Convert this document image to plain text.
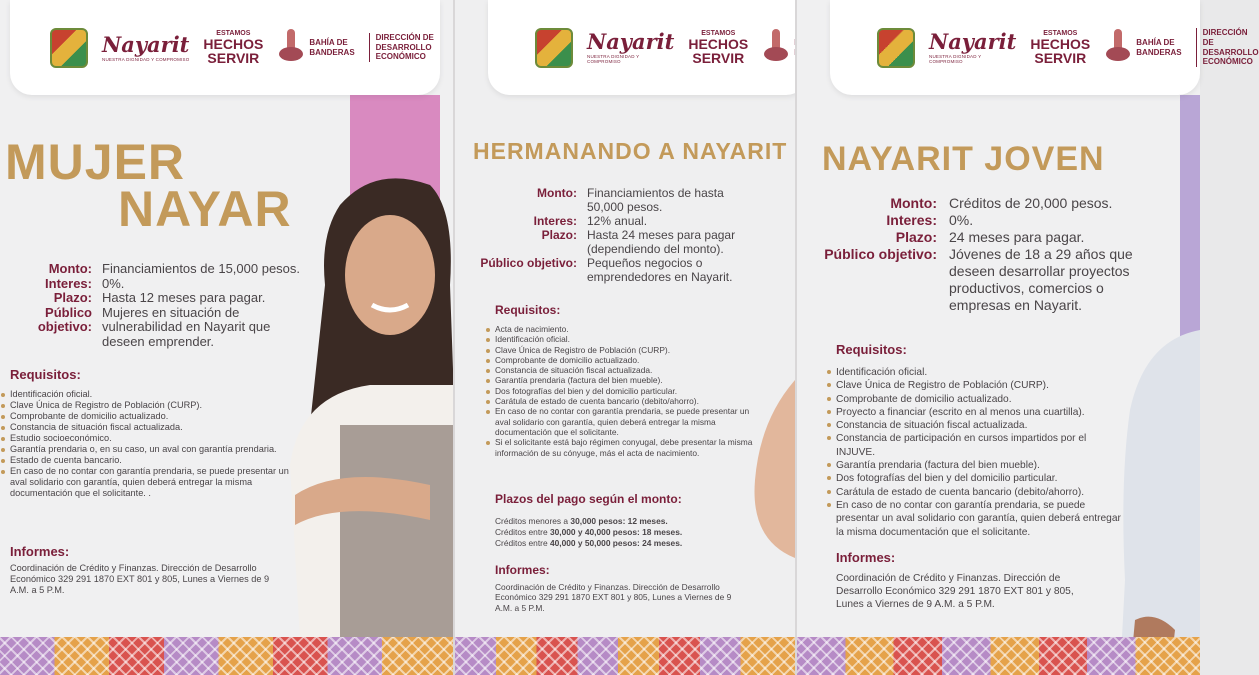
Nayarit
NUESTRA DIGNIDAD Y COMPROMISO
ESTAMOS
HECHOS
SERVIR
BAHÍA DE
BANDERAS
DIRECCIÓN DE
DESARROLLO
ECONÓMICO
MUJER
NAYAR
Monto: Financiamientos de 15,000 pesos.
Interes: 0%.
Plazo: Hasta 12 meses para pagar.
Público objetivo:
Mujeres en situación de vulnerabilidad en Nayarit que deseen emprender.
Requisitos:
Identificación oficial.
Clave Única de Registro de Población (CURP).
Comprobante de domicilio actualizado.
Constancia de situación fiscal actualizada.
Estudio socioeconómico.
Garantía prendaria o, en su caso, un aval con garantía prendaria.
Estado de cuenta bancario.
En caso de no contar con garantía prendaria, se puede presentar un aval solidario con garantía, quien deberá entregar la misma documentación que el solicitante. .
Informes:
Coordinación de Crédito y Finanzas. Dirección de Desarrollo Económico 329 291 1870 EXT 801 y 805, Lunes a Viernes de 9 A.M. a 5 P.M.
Nayarit
NUESTRA DIGNIDAD Y COMPROMISO
ESTAMOS
HECHOS
SERVIR
HERMANANDO A NAYARIT
Monto: Financiamientos de hasta 50,000 pesos.
Interes: 12% anual.
Plazo: Hasta 24 meses para pagar (dependiendo del monto).
Público objetivo: Pequeños negocios o emprendedores en Nayarit.
Requisitos:
Acta de nacimiento.
Identificación oficial.
Clave Única de Registro de Población (CURP).
Comprobante de domicilio actualizado.
Constancia de situación fiscal actualizada.
Garantía prendaria (factura del bien mueble).
Dos fotografías del bien y del domicilio particular.
Carátula de estado de cuenta bancario (debito/ahorro).
En caso de no contar con garantía prendaria, se puede presentar un aval solidario con garantía, quien deberá entregar la misma documentación que el solicitante.
Si el solicitante está bajo régimen conyugal, debe presentar la misma información de su cónyuge, más el acta de nacimiento.
Plazos del pago según el monto:
Créditos menores a 30,000 pesos: 12 meses.
Créditos entre 30,000 y 40,000 pesos: 18 meses.
Créditos entre 40,000 y 50,000 pesos: 24 meses.
Informes:
Coordinación de Crédito y Finanzas. Dirección de Desarrollo Económico 329 291 1870 EXT 801 y 805, Lunes a Viernes de 9 A.M. a 5 P.M.
Nayarit
NUESTRA DIGNIDAD Y COMPROMISO
ESTAMOS
HECHOS
SERVIR
BAHÍA DE
BANDERAS
DIRECCIÓN DE
DESARROLLO
ECONÓMICO
NAYARIT JOVEN
Monto: Créditos de 20,000 pesos.
Interes: 0%.
Plazo: 24 meses para pagar.
Público objetivo: Jóvenes de 18 a 29 años que deseen desarrollar proyectos productivos, comercios o empresas en Nayarit.
Requisitos:
Identificación oficial.
Clave Única de Registro de Población (CURP).
Comprobante de domicilio actualizado.
Proyecto a financiar (escrito en al menos una cuartilla).
Constancia de situación fiscal actualizada.
Constancia de participación en cursos impartidos por el INJUVE.
Garantía prendaria (factura del bien mueble).
Dos fotografías del bien y del domicilio particular.
Carátula de estado de cuenta bancario (debito/ahorro).
En caso de no contar con garantía prendaria, se puede presentar un aval solidario con garantía, quien deberá entregar la misma documentación que el solicitante.
Informes:
Coordinación de Crédito y Finanzas. Dirección de Desarrollo Económico 329 291 1870 EXT 801 y 805, Lunes a Viernes de 9 A.M. a 5 P.M.
